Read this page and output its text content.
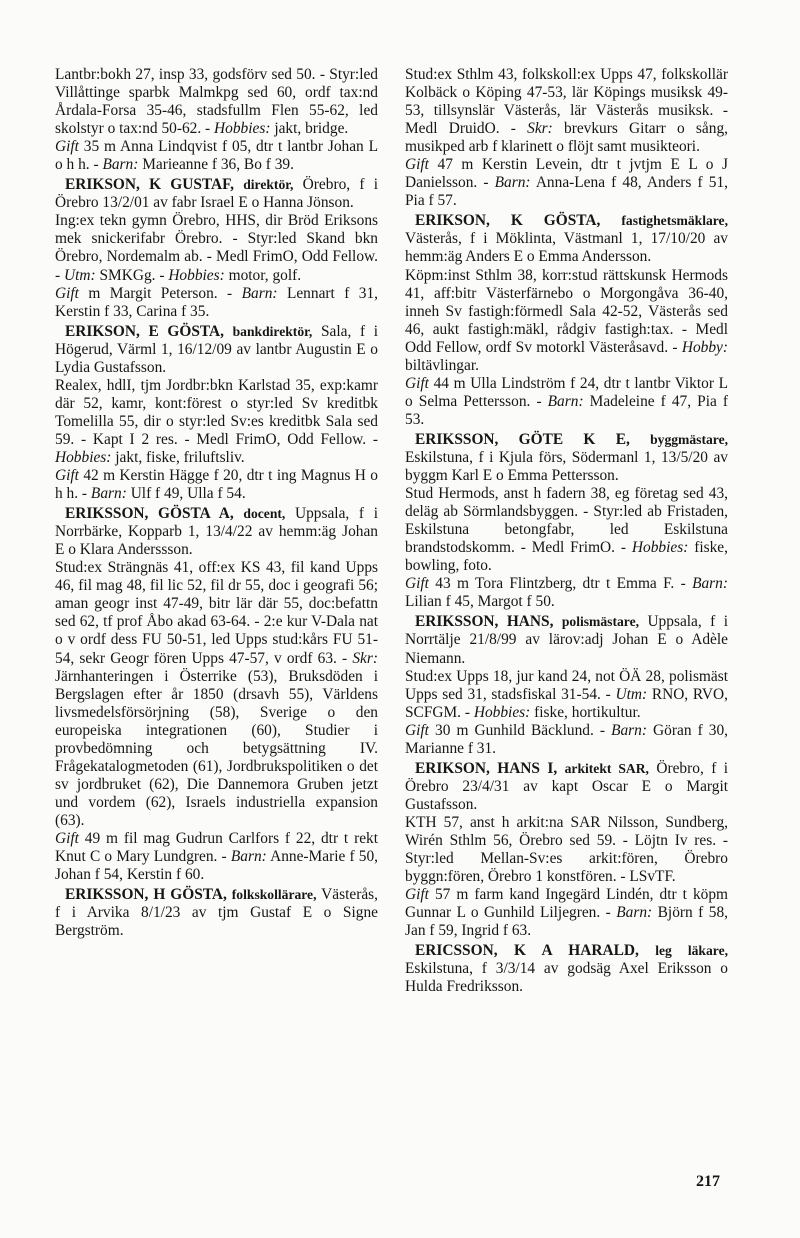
Lantbr:bokh 27, insp 33, godsförv sed 50. - Styr:led Villåttinge sparbk Malmkpg sed 60, ordf tax:nd Årdala-Forsa 35-46, stadsfullm Flen 55-62, led skolstyr o tax:nd 50-62. - Hobbies: jakt, bridge.

Gift 35 m Anna Lindqvist f 05, dtr t lantbr Johan L o h h. - Barn: Marieanne f 36, Bo f 39.

ERIKSON, K GUSTAF, direktör, Örebro, f i Örebro 13/2/01 av fabr Israel E o Hanna Jönson.

Ing:ex tekn gymn Örebro, HHS, dir Bröd Eriksons mek snickerifabr Örebro. - Styr:led Skand bkn Örebro, Nordemalm ab. - Medl FrimO, Odd Fellow. - Utm: SMKGg. - Hobbies: motor, golf.

Gift m Margit Peterson. - Barn: Lennart f 31, Kerstin f 33, Carina f 35.

ERIKSON, E GÖSTA, bankdirektör, Sala, f i Högerud, Värml 1, 16/12/09 av lantbr Augustin E o Lydia Gustafsson.

Realex, hdlI, tjm Jordbr:bkn Karlstad 35, exp:kamr där 52, kamr, kont:förest o styr:led Sv kreditbk Tomelilla 55, dir o styr:led Sv:es kreditbk Sala sed 59. - Kapt I 2 res. - Medl FrimO, Odd Fellow. - Hobbies: jakt, fiske, friluftsliv.

Gift 42 m Kerstin Hägge f 20, dtr t ing Magnus H o h h. - Barn: Ulf f 49, Ulla f 54.

ERIKSSON, GÖSTA A, docent, Uppsala, f i Norrbärke, Kopparb 1, 13/4/22 av hemm:äg Johan E o Klara Anderssson.

Stud:ex Strängnäs 41, off:ex KS 43, fil kand Upps 46, fil mag 48, fil lic 52, fil dr 55, doc i geografi 56; aman geogr inst 47-49, bitr lär där 55, doc:befattn sed 62, tf prof Åbo akad 63-64. - 2:e kur V-Dala nat o v ordf dess FU 50-51, led Upps stud:kårs FU 51-54, sekr Geogr fören Upps 47-57, v ordf 63. - Skr: Järnhanteringen i Österrike (53), Bruksdöden i Bergslagen efter år 1850 (drsavh 55), Världens livsmedelsförsörjning (58), Sverige o den europeiska integrationen (60), Studier i provbedömning och betygsättning IV. Frågekatalogmetoden (61), Jordbrukspolitiken o det sv jordbruket (62), Die Dannemora Gruben jetzt und vordem (62), Israels industriella expansion (63).

Gift 49 m fil mag Gudrun Carlfors f 22, dtr t rekt Knut C o Mary Lundgren. - Barn: Anne-Marie f 50, Johan f 54, Kerstin f 60.

ERIKSSON, H GÖSTA, folkskollärare, Västerås, f i Arvika 8/1/23 av tjm Gustaf E o Signe Bergström.

Stud:ex Sthlm 43, folkskoll:ex Upps 47, folkskollär Kolbäck o Köping 47-53, lär Köpings musiksk 49-53, tillsynslär Västerås, lär Västerås musiksk. - Medl DruidO. - Skr: brevkurs Gitarr o sång, musikped arb f klarinett o flöjt samt musikteori.

Gift 47 m Kerstin Levein, dtr t jvtjm E L o J Danielsson. - Barn: Anna-Lena f 48, Anders f 51, Pia f 57.

ERIKSON, K GÖSTA, fastighetsmäklare, Västerås, f i Möklinta, Västmanl 1, 17/10/20 av hemm:äg Anders E o Emma Andersson.

Köpm:inst Sthlm 38, korr:stud rättskunsk Hermods 41, aff:bitr Västerfärnebo o Morgongåva 36-40, inneh Sv fastigh:förmedl Sala 42-52, Västerås sed 46, aukt fastigh:mäkl, rådgiv fastigh:tax. - Medl Odd Fellow, ordf Sv motorkl Västeråsavd. - Hobby: biltävlingar.

Gift 44 m Ulla Lindström f 24, dtr t lantbr Viktor L o Selma Pettersson. - Barn: Madeleine f 47, Pia f 53.

ERIKSSON, GÖTE K E, byggmästare, Eskilstuna, f i Kjula förs, Södermanl 1, 13/5/20 av byggm Karl E o Emma Pettersson.

Stud Hermods, anst h fadern 38, eg företag sed 43, deläg ab Sörmlandsbyggen. - Styr:led ab Fristaden, Eskilstuna betongfabr, led Eskilstuna brandstodskomm. - Medl FrimO. - Hobbies: fiske, bowling, foto.

Gift 43 m Tora Flintzberg, dtr t Emma F. - Barn: Lilian f 45, Margot f 50.

ERIKSSON, HANS, polismästare, Uppsala, f i Norrtälje 21/8/99 av lärov:adj Johan E o Adèle Niemann.

Stud:ex Upps 18, jur kand 24, not ÖÄ 28, polismäst Upps sed 31, stadsfiskal 31-54. - Utm: RNO, RVO, SCFGM. - Hobbies: fiske, hortikultur.

Gift 30 m Gunhild Bäcklund. - Barn: Göran f 30, Marianne f 31.

ERIKSON, HANS I, arkitekt SAR, Örebro, f i Örebro 23/4/31 av kapt Oscar E o Margit Gustafsson.

KTH 57, anst h arkit:na SAR Nilsson, Sundberg, Wirén Sthlm 56, Örebro sed 59. - Löjtn Iv res. - Styr:led Mellan-Sv:es arkit:fören, Örebro byggn:fören, Örebro 1 konstfören. - LSvTF.

Gift 57 m farm kand Ingegärd Lindén, dtr t köpm Gunnar L o Gunhild Liljegren. - Barn: Björn f 58, Jan f 59, Ingrid f 63.

ERICSSON, K A HARALD, leg läkare, Eskilstuna, f 3/3/14 av godsäg Axel Eriksson o Hulda Fredriksson.

217
